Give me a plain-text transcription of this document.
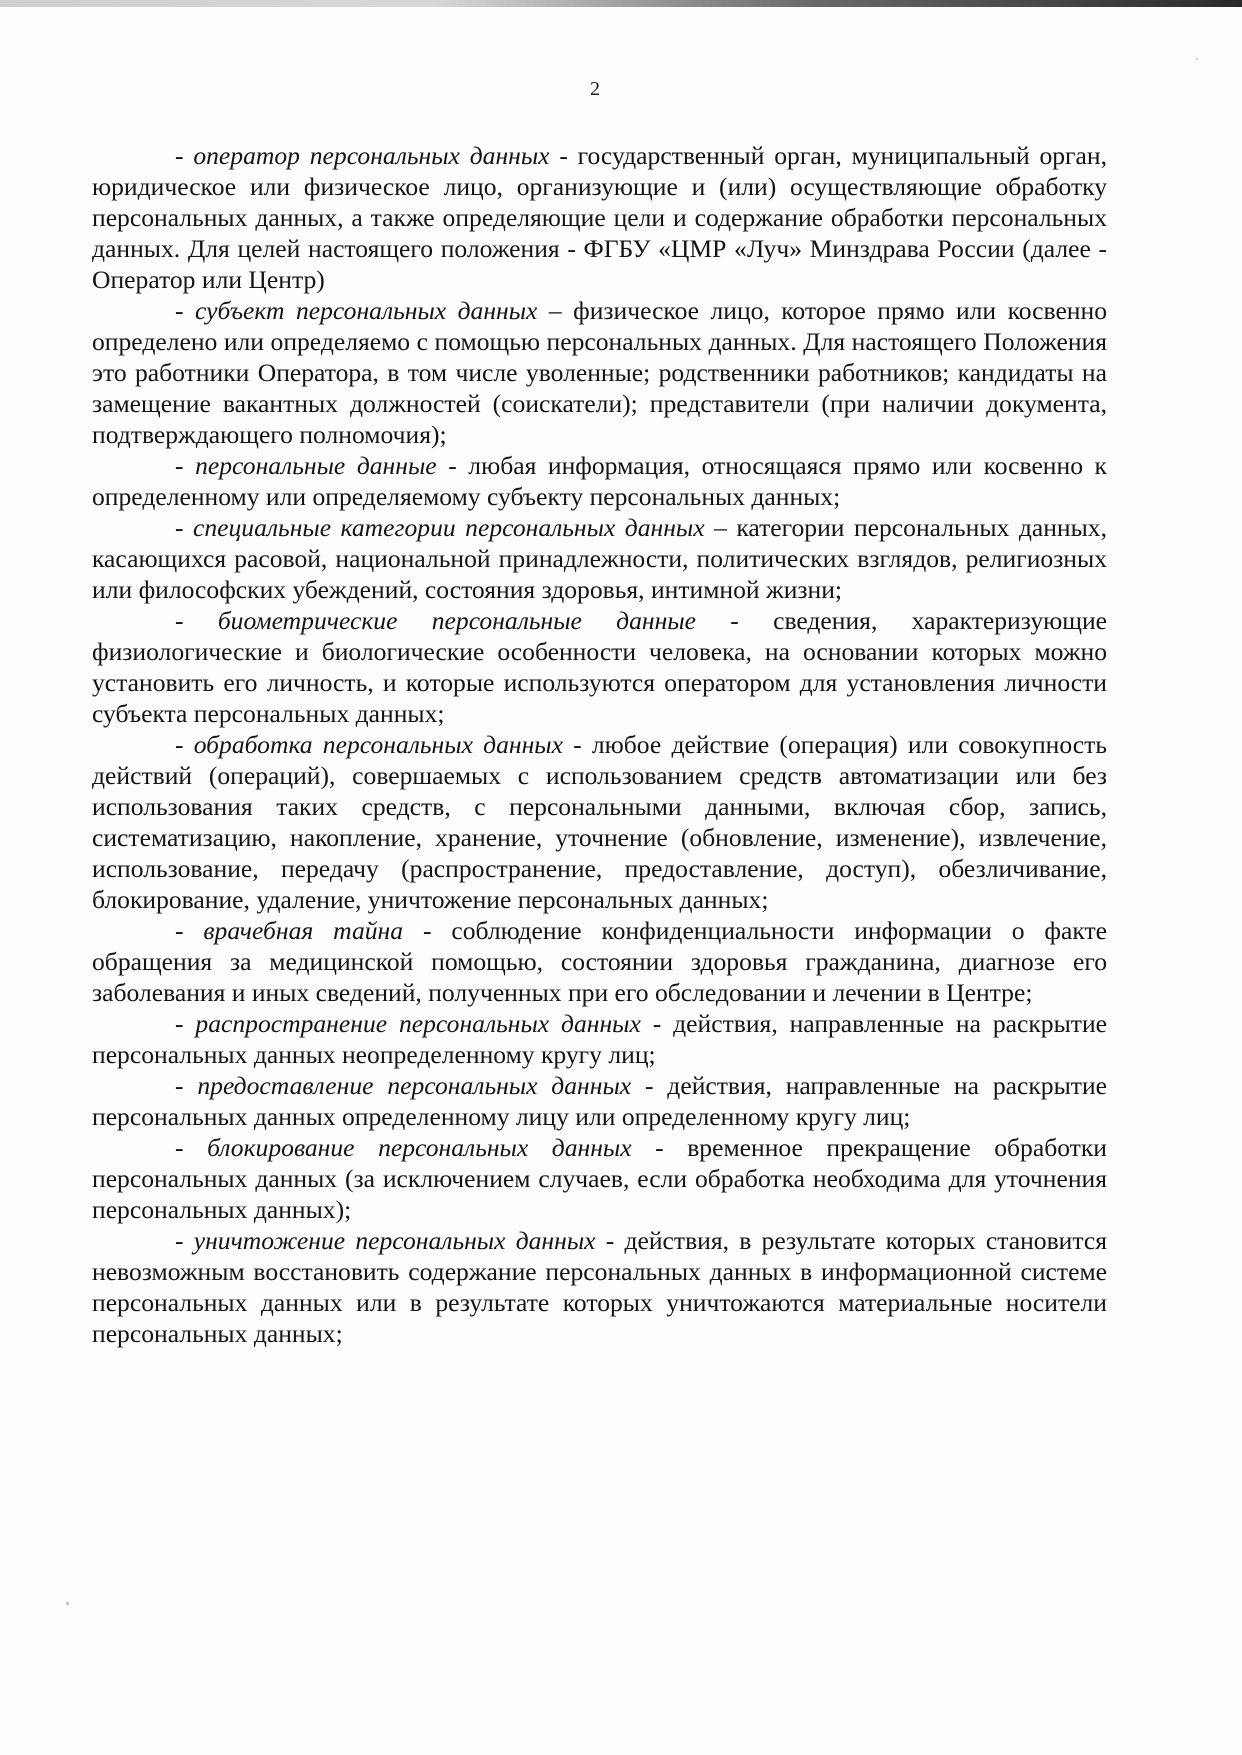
2

- оператор персональных данных - государственный орган, муниципальный орган, юридическое или физическое лицо, организующие и (или) осуществляющие обработку персональных данных, а также определяющие цели и содержание обработки персональных данных. Для целей настоящего положения - ФГБУ «ЦМР «Луч» Минздрава России (далее - Оператор или Центр)

- субъект персональных данных – физическое лицо, которое прямо или косвенно определено или определяемо с помощью персональных данных. Для настоящего Положения это работники Оператора, в том числе уволенные; родственники работников; кандидаты на замещение вакантных должностей (соискатели); представители (при наличии документа, подтверждающего полномочия);

- персональные данные - любая информация, относящаяся прямо или косвенно к определенному или определяемому субъекту персональных данных;

- специальные категории персональных данных – категории персональных данных, касающихся расовой, национальной принадлежности, политических взглядов, религиозных или философских убеждений, состояния здоровья, интимной жизни;

- биометрические персональные данные - сведения, характеризующие физиологические и биологические особенности человека, на основании которых можно установить его личность, и которые используются оператором для установления личности субъекта персональных данных;

- обработка персональных данных - любое действие (операция) или совокупность действий (операций), совершаемых с использованием средств автоматизации или без использования таких средств, с персональными данными, включая сбор, запись, систематизацию, накопление, хранение, уточнение (обновление, изменение), извлечение, использование, передачу (распространение, предоставление, доступ), обезличивание, блокирование, удаление, уничтожение персональных данных;

- врачебная тайна - соблюдение конфиденциальности информации о факте обращения за медицинской помощью, состоянии здоровья гражданина, диагнозе его заболевания и иных сведений, полученных при его обследовании и лечении в Центре;

- распространение персональных данных - действия, направленные на раскрытие персональных данных неопределенному кругу лиц;

- предоставление персональных данных - действия, направленные на раскрытие персональных данных определенному лицу или определенному кругу лиц;

- блокирование персональных данных - временное прекращение обработки персональных данных (за исключением случаев, если обработка необходима для уточнения персональных данных);

- уничтожение персональных данных - действия, в результате которых становится невозможным восстановить содержание персональных данных в информационной системе персональных данных или в результате которых уничтожаются материальные носители персональных данных;
